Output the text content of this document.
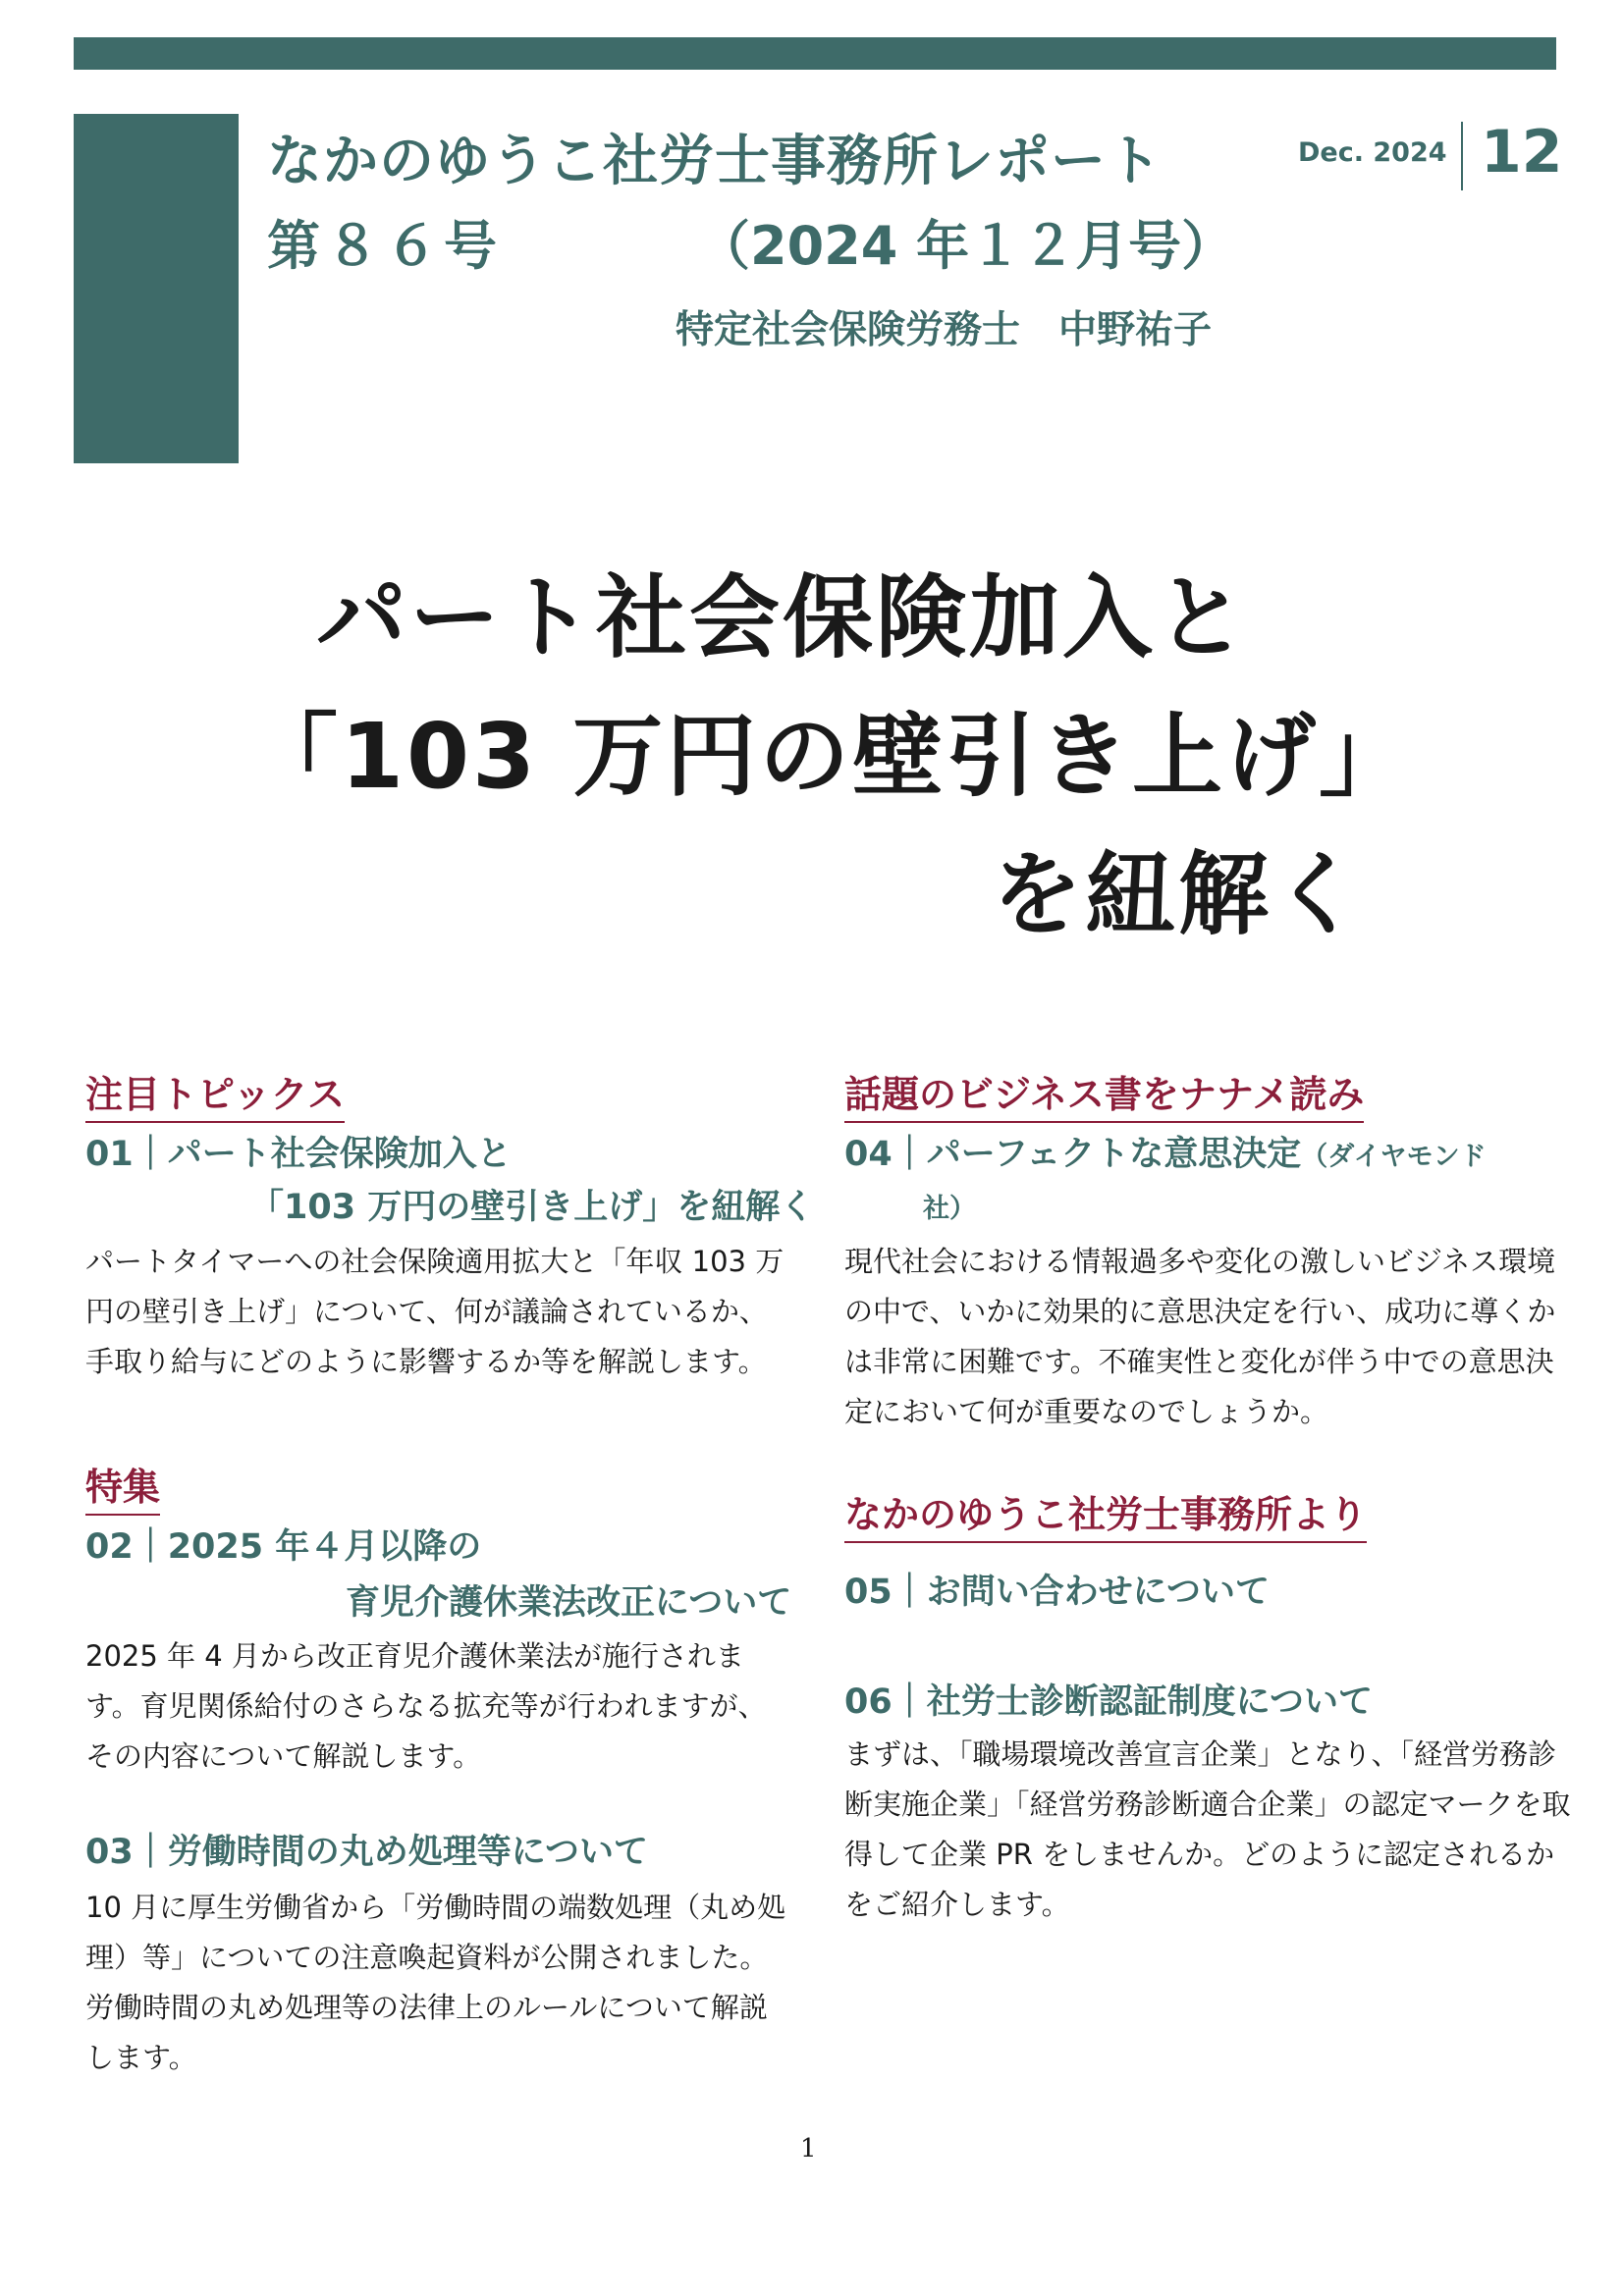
なかのゆうこ社労士事務所レポート
第８６号	（2024 年１２月号）
特定社会保険労務士　中野祐子
Dec. 2024 12
パート社会保険加入と
「103 万円の壁引き上げ」
を紐解く
注目トピックス
01｜パート社会保険加入と
「103 万円の壁引き上げ」を紐解く
パートタイマーへの社会保険適用拡大と「年収 103 万円の壁引き上げ」について、何が議論されているか、手取り給与にどのように影響するか等を解説します。
特集
02｜2025 年４月以降の
育児介護休業法改正について
2025 年 4 月から改正育児介護休業法が施行されます。育児関係給付のさらなる拡充等が行われますが、その内容について解説します。
03｜労働時間の丸め処理等について
10 月に厚生労働省から「労働時間の端数処理（丸め処理）等」についての注意喚起資料が公開されました。労働時間の丸め処理等の法律上のルールについて解説します。
話題のビジネス書をナナメ読み
04｜パーフェクトな意思決定（ダイヤモンド
社）
現代社会における情報過多や変化の激しいビジネス環境の中で、いかに効果的に意思決定を行い、成功に導くかは非常に困難です。不確実性と変化が伴う中での意思決定において何が重要なのでしょうか。
なかのゆうこ社労士事務所より
05｜お問い合わせについて
06｜社労士診断認証制度について
まずは、「職場環境改善宣言企業」となり、「経営労務診断実施企業」「経営労務診断適合企業」の認定マークを取得して企業 PR をしませんか。どのように認定されるかをご紹介します。
1
